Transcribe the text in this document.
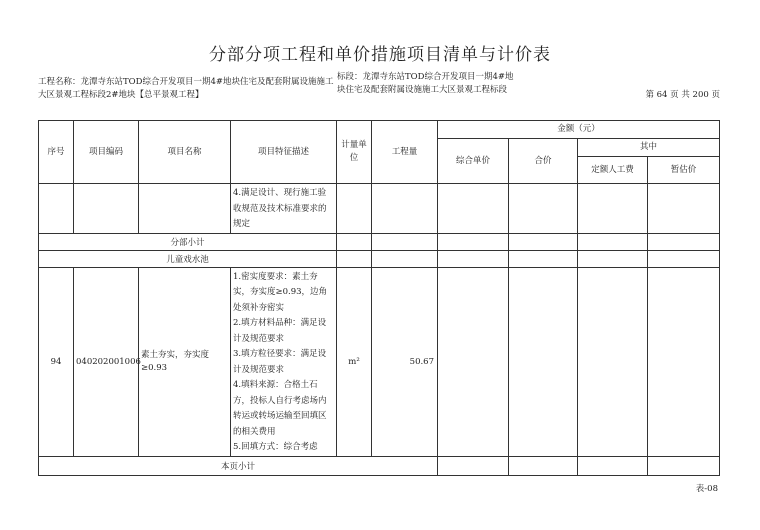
分部分项工程和单价措施项目清单与计价表
工程名称：龙潭寺东站TOD综合开发项目一期4#地块住宅及配套附属设施施工大区景观工程标段2#地块【总平景观工程】
标段：龙潭寺东站TOD综合开发项目一期4#地块住宅及配套附属设施施工大区景观工程标段	第 64 页 共 200 页
序号	项目编码	项目名称	项目特征描述	计量单位	工程量	金额（元）			
						综合单价	合价	其中	
								定额人工费	暂估价
			4.满足设计、现行施工验收规范及技术标准要求的规定						
分部小计									
儿童戏水池									
94	040202001006	素土夯实，夯实度≥0.93	1.密实度要求：素土夯实，夯实度≥0.93，边角处须补夯密实
2.填方材料品种：满足设计及规范要求
3.填方粒径要求：满足设计及规范要求
4.填料来源：合格土石方，投标人自行考虑场内转运或转场运输至回填区的相关费用
5.回填方式：综合考虑	m²	50.67				
本页小计									
表-08
